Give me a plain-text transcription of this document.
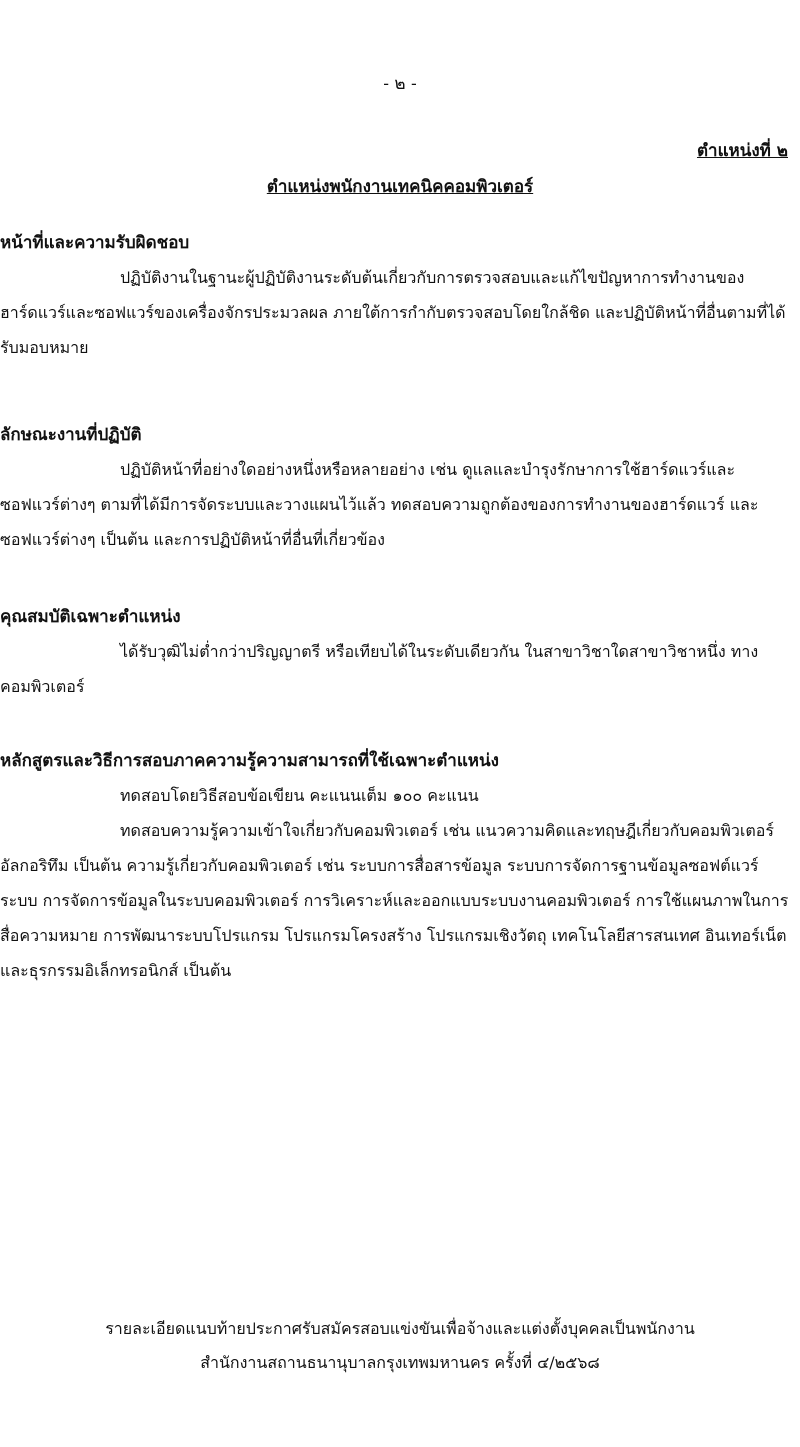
- ๒ -
ตำแหน่งที่ ๒
ตำแหน่งพนักงานเทคนิคคอมพิวเตอร์

หน้าที่และความรับผิดชอบ

ปฏิบัติงานในฐานะผู้ปฏิบัติงานระดับต้นเกี่ยวกับการตรวจสอบและแก้ไขปัญหาการทำงานของฮาร์ดแวร์และซอฟแวร์ของเครื่องจักรประมวลผล ภายใต้การกำกับตรวจสอบโดยใกล้ชิด และปฏิบัติหน้าที่อื่นตามที่ได้รับมอบหมาย

ลักษณะงานที่ปฏิบัติ

ปฏิบัติหน้าที่อย่างใดอย่างหนึ่งหรือหลายอย่าง เช่น ดูแลและบำรุงรักษาการใช้ฮาร์ดแวร์และซอฟแวร์ต่างๆ ตามที่ได้มีการจัดระบบและวางแผนไว้แล้ว ทดสอบความถูกต้องของการทำงานของฮาร์ดแวร์ และซอฟแวร์ต่างๆ เป็นต้น และการปฏิบัติหน้าที่อื่นที่เกี่ยวข้อง

คุณสมบัติเฉพาะตำแหน่ง

ได้รับวุฒิไม่ต่ำกว่าปริญญาตรี หรือเทียบได้ในระดับเดียวกัน ในสาขาวิชาใดสาขาวิชาหนึ่ง ทางคอมพิวเตอร์

หลักสูตรและวิธีการสอบภาคความรู้ความสามารถที่ใช้เฉพาะตำแหน่ง

ทดสอบโดยวิธีสอบข้อเขียน คะแนนเต็ม ๑๐๐ คะแนน

ทดสอบความรู้ความเข้าใจเกี่ยวกับคอมพิวเตอร์ เช่น แนวความคิดและทฤษฎีเกี่ยวกับคอมพิวเตอร์ อัลกอริทึม เป็นต้น ความรู้เกี่ยวกับคอมพิวเตอร์ เช่น ระบบการสื่อสารข้อมูล ระบบการจัดการฐานข้อมูลซอฟต์แวร์ระบบ การจัดการข้อมูลในระบบคอมพิวเตอร์ การวิเคราะห์และออกแบบระบบงานคอมพิวเตอร์ การใช้แผนภาพในการสื่อความหมาย การพัฒนาระบบโปรแกรม โปรแกรมโครงสร้าง โปรแกรมเชิงวัตถุ เทคโนโลยีสารสนเทศ อินเทอร์เน็ต และธุรกรรมอิเล็กทรอนิกส์ เป็นต้น

รายละเอียดแนบท้ายประกาศรับสมัครสอบแข่งขันเพื่อจ้างและแต่งตั้งบุคคลเป็นพนักงาน
สำนักงานสถานธนานุบาลกรุงเทพมหานคร ครั้งที่ ๔/๒๕๖๘
